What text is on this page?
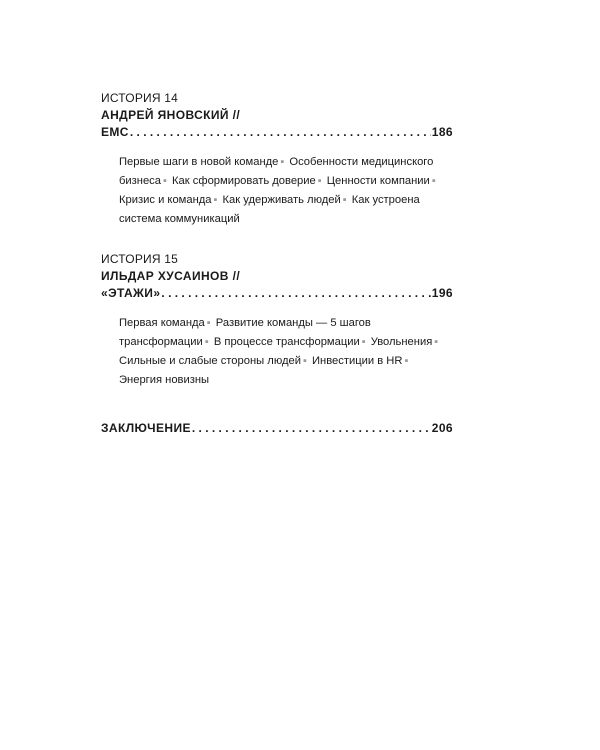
ИСТОРИЯ 14
АНДРЕЙ ЯНОВСКИЙ //
EMC . . .	186
Первые шаги в новой команде ▪ Особенности медицинского бизнеса ▪ Как сформировать доверие ▪ Ценности компании ▪ Кризис и команда ▪ Как удерживать людей ▪ Как устроена система коммуникаций
ИСТОРИЯ 15
ИЛЬДАР ХУСАИНОВ //
«ЭТАЖИ» . . .	196
Первая команда ▪ Развитие команды — 5 шагов трансформации ▪ В процессе трансформации ▪ Увольнения ▪ Сильные и слабые стороны людей ▪ Инвестиции в HR ▪ Энергия новизны
ЗАКЛЮЧЕНИЕ . . .	206
